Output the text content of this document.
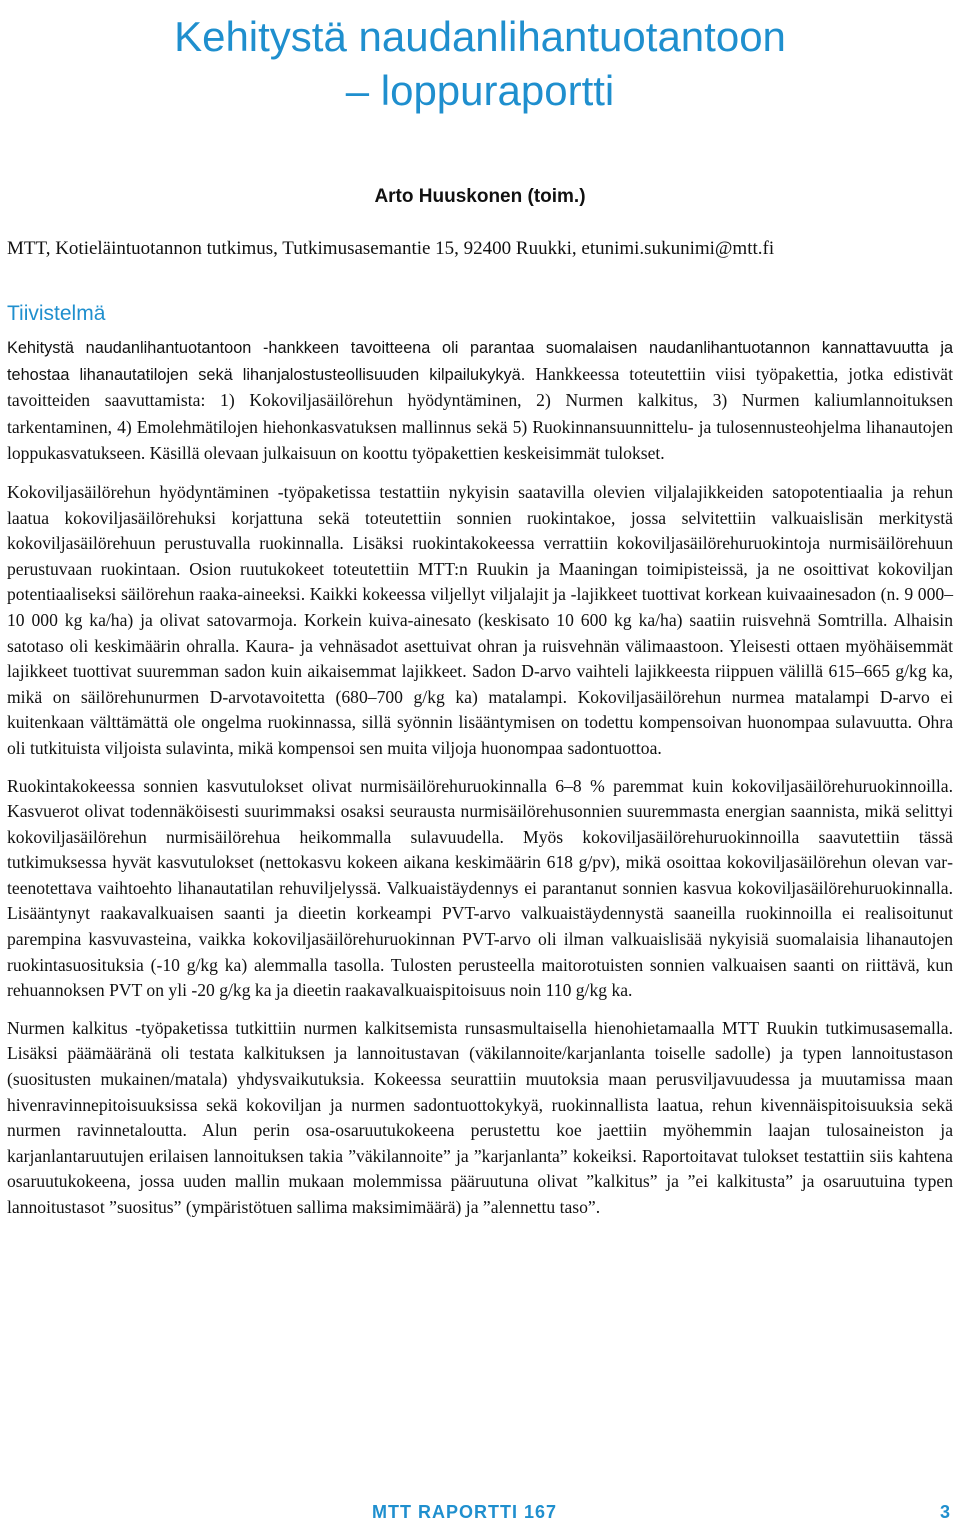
Kehitystä naudanlihantuotantoon
– loppuraportti
Arto Huuskonen (toim.)
MTT, Kotieläintuotannon tutkimus, Tutkimusasemantie 15, 92400 Ruukki, etunimi.sukunimi@mtt.fi
Tiivistelmä

Kehitystä naudanlihantuotantoon -hankkeen tavoitteena oli parantaa suomalaisen naudanlihantuotannon kannattavuutta ja tehostaa lihanautatilojen sekä lihanjalostusteollisuuden kilpailukykyä. Hankkeessa toteutettiin viisi työpakettia, jotka edistivät tavoitteiden saavuttamista: 1) Kokoviljasäilörehun hyödyntäminen, 2) Nurmen kalkitus, 3) Nurmen kaliumlannoituksen tarkentaminen, 4) Emolehmätilojen hiehonkasvatuksen mallinnus sekä 5) Ruokinnansuunnittelu- ja tulosennusteohjelma lihanautojen loppukasvatukseen. Käsillä olevaan julkaisuun on koottu työpakettien keskeisimmät tulokset.

Kokoviljasäilörehun hyödyntäminen -työpaketissa testattiin nykyisin saatavilla olevien viljalajikkeiden satopotentiaalia ja rehun laatua kokoviljasäilörehuksi korjattuna sekä toteutettiin sonnien ruokintakoe, jossa selvitettiin valkuaislisän merkitystä kokoviljasäilörehuun perustuvalla ruokinnalla. Lisäksi ruokintakokeessa verrattiin kokoviljasäilörehuruokintoja nurmisäilörehuun perustuvaan ruokintaan. Osion ruutukokeet toteutettiin MTT:n Ruukin ja Maaningan toimipisteissä, ja ne osoittivat kokoviljan potentiaaliseksi säilörehun raaka-aineeksi. Kaikki kokeessa viljellyt viljalajit ja -lajikkeet tuottivat korkean kuivaainesadon (n. 9 000–10 000 kg ka/ha) ja olivat satovarmoja. Korkein kuiva-ainesato (keskisato 10 600 kg ka/ha) saatiin ruisvehnä Somtrilla. Alhaisin satotaso oli keskimäärin ohralla. Kaura- ja vehnäsadot asettuivat ohran ja ruisvehnän välimaastoon. Yleisesti ottaen myöhäisemmät lajikkeet tuottivat suuremman sadon kuin aikaisemmat lajikkeet. Sadon D-arvo vaihteli lajikkeesta riippuen välillä 615–665 g/kg ka, mikä on säilörehunurmen D-arvotavoitetta (680–700 g/kg ka) matalampi. Kokoviljasäilörehun nurmea matalampi D-arvo ei kuitenkaan välttämättä ole ongelma ruokinnassa, sillä syönnin lisääntymisen on todettu kompensoivan huonompaa sulavuutta. Ohra oli tutkituista viljoista sulavinta, mikä kompensoi sen muita viljoja huonompaa sadontuottoa.

Ruokintakokeessa sonnien kasvutulokset olivat nurmisäilörehuruokinnalla 6–8 % paremmat kuin kokoviljasäilörehuruokinnoilla. Kasvuerot olivat todennäköisesti suurimmaksi osaksi seurausta nurmisäilörehusonnien suuremmasta energian saannista, mikä selittyi kokoviljasäilörehun nurmisäilörehua heikommalla sulavuudella. Myös kokoviljasäilörehuruokinnoilla saavutettiin tässä tutkimuksessa hyvät kasvutulokset (nettokasvu kokeen aikana keskimäärin 618 g/pv), mikä osoittaa kokoviljasäilörehun olevan varteenotettava vaihtoehto lihanautatilan rehuviljelyssä. Valkuaistäydennys ei parantanut sonnien kasvua kokoviljasäilörehuruokinnalla. Lisääntynyt raakavalkuaisen saanti ja dieetin korkeampi PVT-arvo valkuaistäydennystä saaneilla ruokinnoilla ei realisoitunut parempina kasvuvasteina, vaikka kokoviljasäilörehuruokinnan PVT-arvo oli ilman valkuaislisää nykyisiä suomalaisia lihanautojen ruokintasuosituksia (-10 g/kg ka) alemmalla tasolla. Tulosten perusteella maitorotuisten sonnien valkuaisen saanti on riittävä, kun rehuannoksen PVT on yli -20 g/kg ka ja dieetin raakavalkuaispitoisuus noin 110 g/kg ka.

Nurmen kalkitus -työpaketissa tutkittiin nurmen kalkitsemista runsasmultaisella hienohietamaalla MTT Ruukin tutkimusasemalla. Lisäksi päämääränä oli testata kalkituksen ja lannoitustavan (väkilannoite/karjanlanta toiselle sadolle) ja typen lannoitustason (suositusten mukainen/matala) yhdysvaikutuksia. Kokeessa seurattiin muutoksia maan perusviljavuudessa ja muutamissa maan hivenravinnepitoisuuksissa sekä kokoviljan ja nurmen sadontuottokykyä, ruokinnallista laatua, rehun kivennäispitoisuuksia sekä nurmen ravinnetaloutta. Alun perin osa-osaruutukokeena perustettu koe jaettiin myöhemmin laajan tulosaineiston ja karjanlantaruutujen erilaisen lannoituksen takia ”väkilannoite” ja ”karjanlanta” kokeiksi. Raportoitavat tulokset testattiin siis kahtena osaruutukokeena, jossa uuden mallin mukaan molemmissa pääruutuna olivat ”kalkitus” ja ”ei kalkitusta” ja osaruutuina typen lannoitustasot ”suositus” (ympäristötuen sallima maksimimäärä) ja ”alennettu taso”.

MTT RAPORTTI 167	3
